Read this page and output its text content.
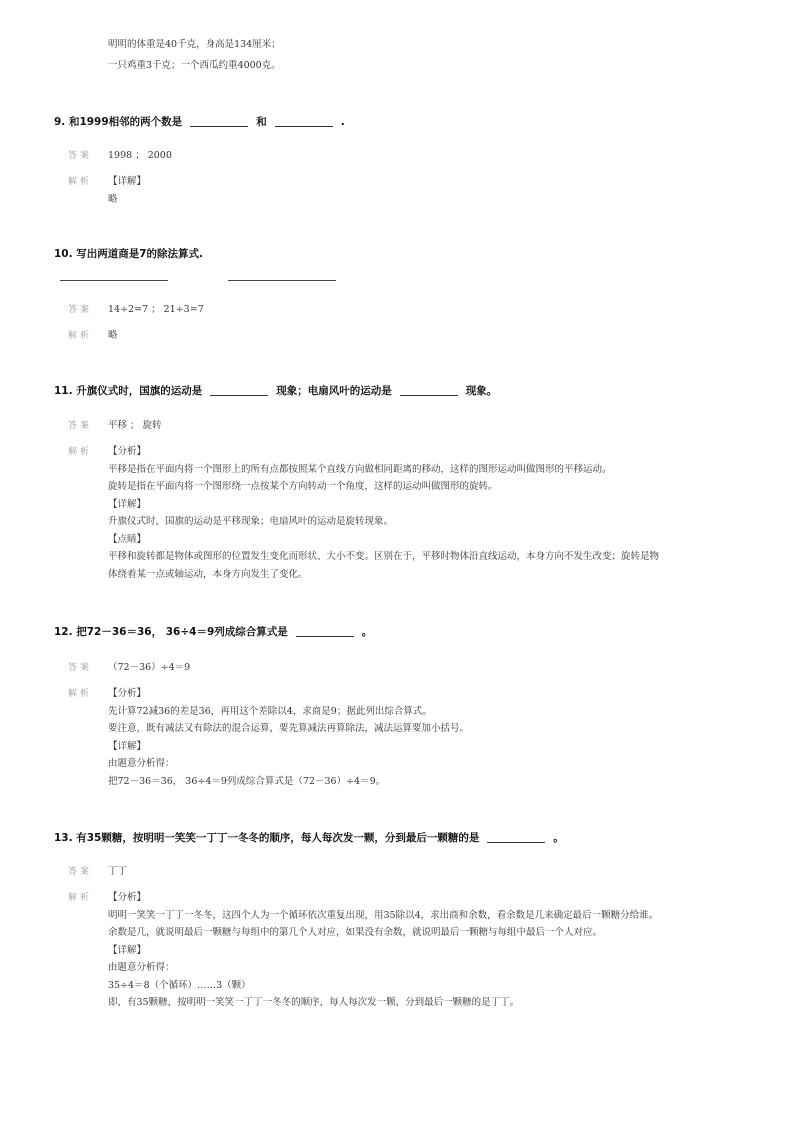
明明的体重是40千克，身高是134厘米；
一只鸡重3千克；一个西瓜约重4000克。
9. 和1999相邻的两个数是	和	.
答案 1998 ； 2000
解析 【详解】
略
10. 写出两道商是7的除法算式.
答案 14÷2=7 ； 21÷3=7
解析 略
11. 升旗仪式时，国旗的运动是	现象；电扇风叶的运动是	现象。
答案 平移 ； 旋转
解析 【分析】
平移是指在平面内将一个图形上的所有点都按照某个直线方向做相同距离的移动，这样的图形运动叫做图形的平移运动。
旋转是指在平面内将一个图形绕一点按某个方向转动一个角度，这样的运动叫做图形的旋转。
【详解】
升旗仪式时，国旗的运动是平移现象；电扇风叶的运动是旋转现象。
【点睛】
平移和旋转都是物体或图形的位置发生变化而形状、大小不变。区别在于，平移时物体沿直线运动，本身方向不发生改变；旋转是物
体绕着某一点或轴运动，本身方向发生了变化。
12. 把72－36＝36， 36÷4＝9列成综合算式是	。
答案 （72－36）÷4＝9
解析 【分析】
先计算72减36的差是36，再用这个差除以4，求商是9；据此列出综合算式。
要注意，既有减法又有除法的混合运算，要先算减法再算除法，减法运算要加小括号。
【详解】
由题意分析得：
把72－36＝36， 36÷4＝9列成综合算式是（72－36）÷4＝9。
13. 有35颗糖，按明明一笑笑一丁丁一冬冬的顺序，每人每次发一颗，分到最后一颗糖的是	。
答案 丁丁
解析 【分析】
明明一笑笑一丁丁一冬冬，这四个人为一个循环依次重复出现，用35除以4，求出商和余数，看余数是几来确定最后一颗糖分给谁。
余数是几，就说明最后一颗糖与每组中的第几个人对应，如果没有余数，就说明最后一颗糖与每组中最后一个人对应。
【详解】
由题意分析得：
35÷4＝8（个循环）……3（颗）
即，有35颗糖，按明明一笑笑一丁丁一冬冬的顺序，每人每次发一颗，分到最后一颗糖的是丁丁。
